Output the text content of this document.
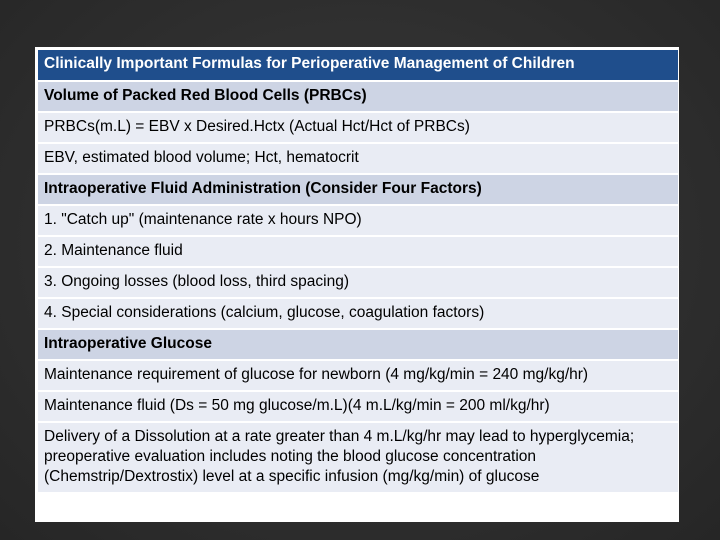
Clinically Important Formulas for Perioperative Management of Children
Volume of Packed Red Blood Cells (PRBCs)
PRBCs(m.L) = EBV x Desired.Hctx (Actual Hct/Hct of PRBCs)
EBV, estimated blood volume; Hct, hematocrit
Intraoperative Fluid Administration (Consider Four Factors)
1. "Catch up" (maintenance rate x hours NPO)
2. Maintenance fluid
3. Ongoing losses (blood loss, third spacing)
4. Special considerations (calcium, glucose, coagulation factors)
Intraoperative Glucose
Maintenance requirement of glucose for newborn (4 mg/kg/min = 240 mg/kg/hr)
Maintenance fluid (Ds = 50 mg glucose/m.L)(4 m.L/kg/min = 200 ml/kg/hr)
Delivery of a Dissolution at a rate greater than 4 m.L/kg/hr may lead to hyperglycemia; preoperative evaluation includes noting the blood glucose concentration (Chemstrip/Dextrostix) level at a specific infusion (mg/kg/min) of glucose
